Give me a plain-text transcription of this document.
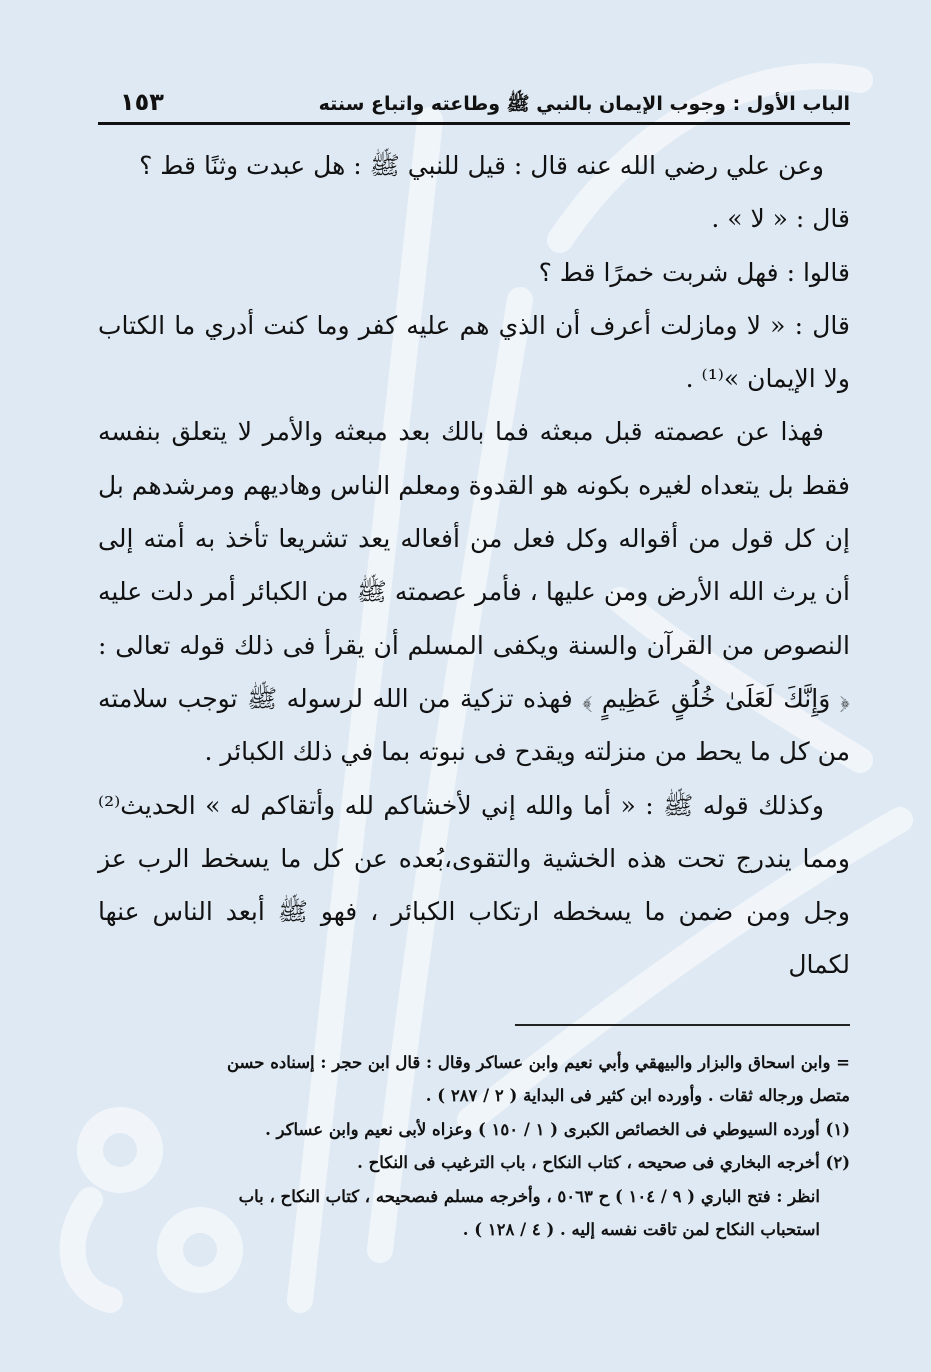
الباب الأول : وجوب الإيمان بالنبي ﷺ وطاعته واتباع سنته
١٥٣

وعن علي رضي الله عنه قال : قيل للنبي ﷺ : هل عبدت وثنًا قط ؟

قال : « لا » .

قالوا : فهل شربت خمرًا قط ؟

قال : « لا ومازلت أعرف أن الذي هم عليه كفر وما كنت أدري ما الكتاب ولا الإيمان »⁽¹⁾ .

فهذا عن عصمته قبل مبعثه فما بالك بعد مبعثه والأمر لا يتعلق بنفسه فقط بل يتعداه لغيره بكونه هو القدوة ومعلم الناس وهاديهم ومرشدهم بل إن كل قول من أقواله وكل فعل من أفعاله يعد تشريعا تأخذ به أمته إلى أن يرث الله الأرض ومن عليها ، فأمر عصمته ﷺ من الكبائر أمر دلت عليه النصوص من القرآن والسنة ويكفى المسلم أن يقرأ فى ذلك قوله تعالى : ﴿ وَإِنَّكَ لَعَلَىٰ خُلُقٍ عَظِيمٍ ﴾ فهذه تزكية من الله لرسوله ﷺ توجب سلامته من كل ما يحط من منزلته ويقدح فى نبوته بما في ذلك الكبائر .

وكذلك قوله ﷺ : « أما والله إني لأخشاكم لله وأتقاكم له » الحديث⁽²⁾ ومما يندرج تحت هذه الخشية والتقوى،بُعده عن كل ما يسخط الرب عز وجل ومن ضمن ما يسخطه ارتكاب الكبائر ، فهو ﷺ أبعد الناس عنها لكمال

= وابن اسحاق والبزار والبيهقي وأبي نعيم وابن عساكر وقال : قال ابن حجر : إسناده حسن

متصل ورجاله ثقات . وأورده ابن كثير فى البداية ( ٢ / ٢٨٧ ) .

(١) أورده السيوطي فى الخصائص الكبرى ( ١ / ١٥٠ ) وعزاه لأبى نعيم وابن عساكر .

(٢) أخرجه البخاري فى صحيحه ، كتاب النكاح ، باب الترغيب فى النكاح .

انظر : فتح الباري ( ٩ / ١٠٤ ) ح ٥٠٦٣ ، وأخرجه مسلم فىصحيحه ، كتاب النكاح ، باب

استحباب النكاح لمن تاقت نفسه إليه . ( ٤ / ١٢٨ ) .
